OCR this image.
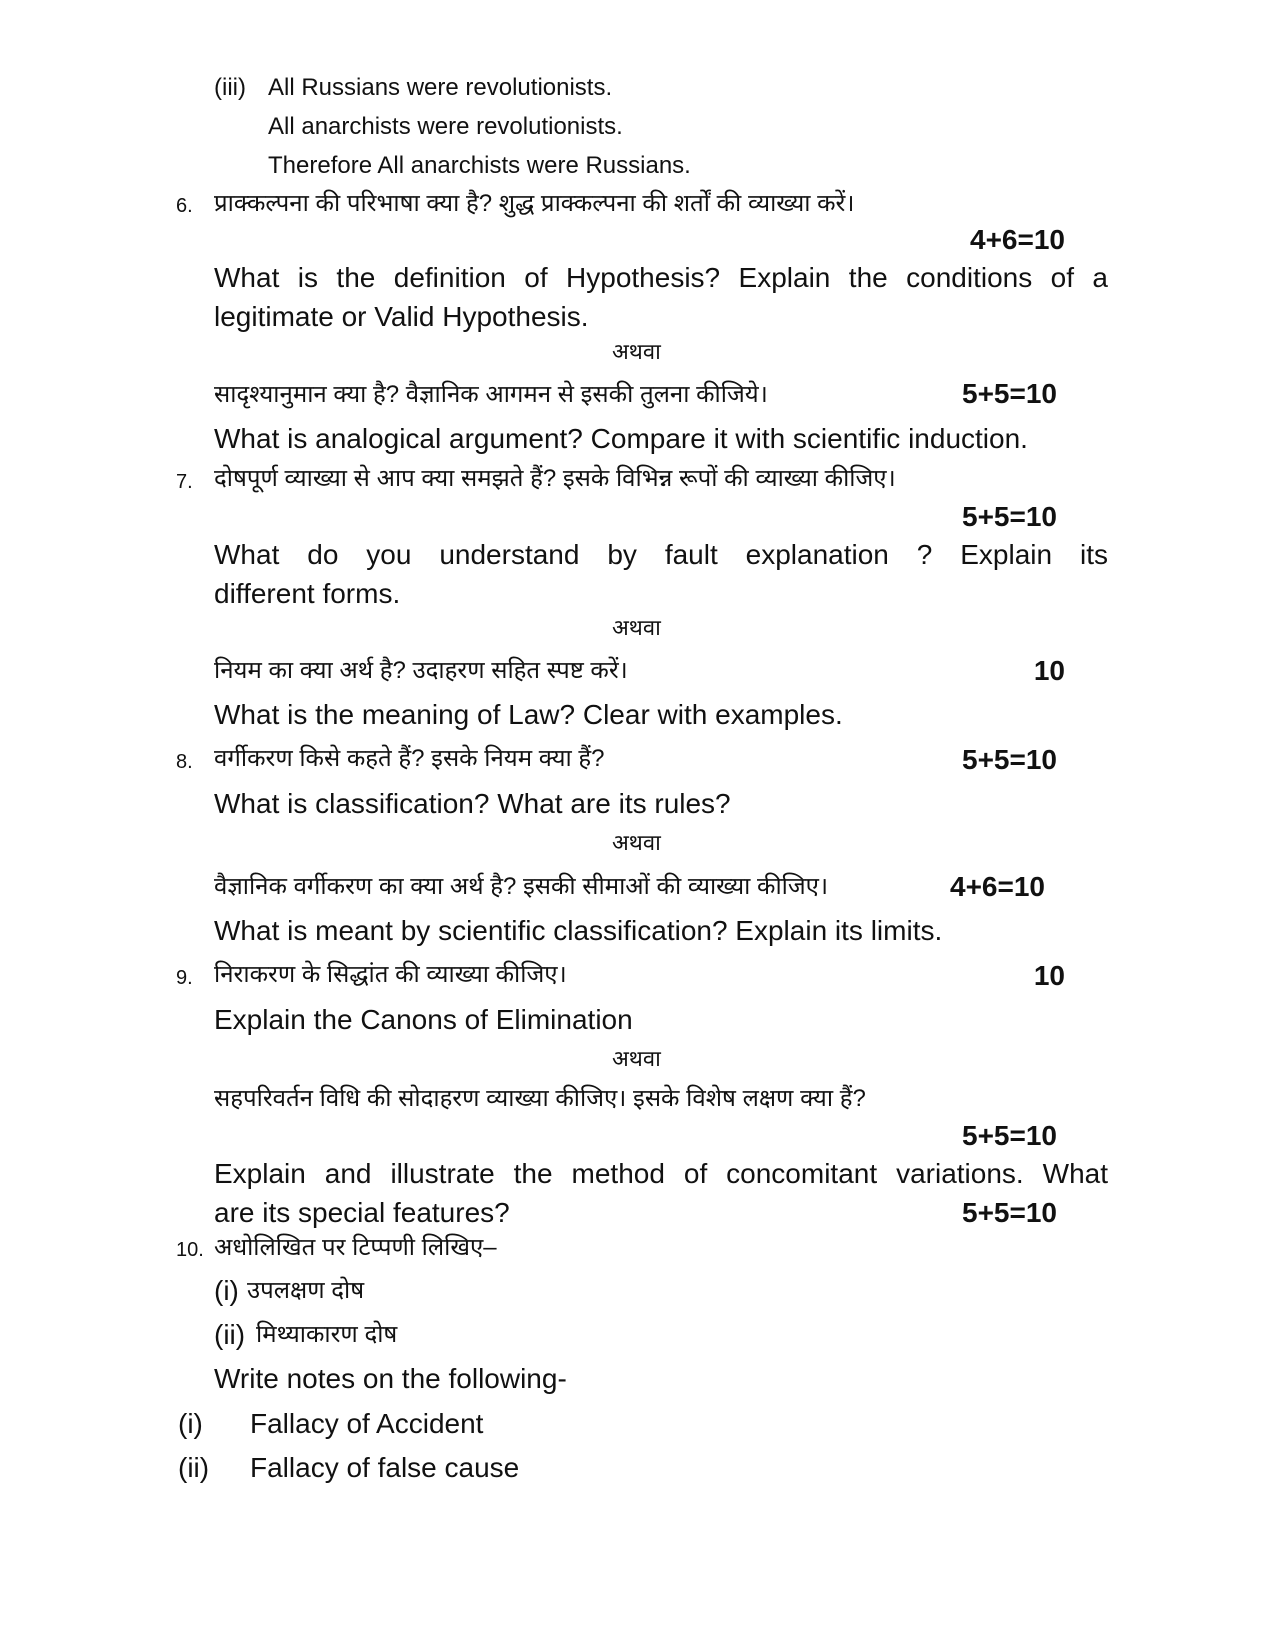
(iii) All Russians were revolutionists.
All anarchists were revolutionists.
Therefore All anarchists were Russians.
6. प्राक्कल्पना की परिभाषा क्या है? शुद्ध प्राक्कल्पना की शर्तों की व्याख्या करें।
4+6=10
What is the definition of Hypothesis? Explain the conditions of a
legitimate or Valid Hypothesis.
अथवा
सादृश्यानुमान क्या है? वैज्ञानिक आगमन से इसकी तुलना कीजिये।	5+5=10
What is analogical argument? Compare it with scientific induction.
7. दोषपूर्ण व्याख्या से आप क्या समझते हैं? इसके विभिन्न रूपों की व्याख्या कीजिए।
5+5=10
What do you understand by fault explanation ? Explain its
different forms.
अथवा
नियम का क्या अर्थ है? उदाहरण सहित स्पष्ट करें।	10
What is the meaning of Law? Clear with examples.
8. वर्गीकरण किसे कहते हैं? इसके नियम क्या हैं?	5+5=10
What is classification? What are its rules?
अथवा
वैज्ञानिक वर्गीकरण का क्या अर्थ है? इसकी सीमाओं की व्याख्या कीजिए।	4+6=10
What is meant by scientific classification? Explain its limits.
9. निराकरण के सिद्धांत की व्याख्या कीजिए।	10
Explain the Canons of Elimination
अथवा
सहपरिवर्तन विधि की सोदाहरण व्याख्या कीजिए। इसके विशेष लक्षण क्या हैं?
5+5=10
Explain and illustrate the method of concomitant variations. What
are its special features?	5+5=10
10. अधोलिखित पर टिप्पणी लिखिए–
(i) उपलक्षण दोष
(ii) मिथ्याकारण दोष
Write notes on the following-
(i) Fallacy of Accident
(ii) Fallacy of false cause
